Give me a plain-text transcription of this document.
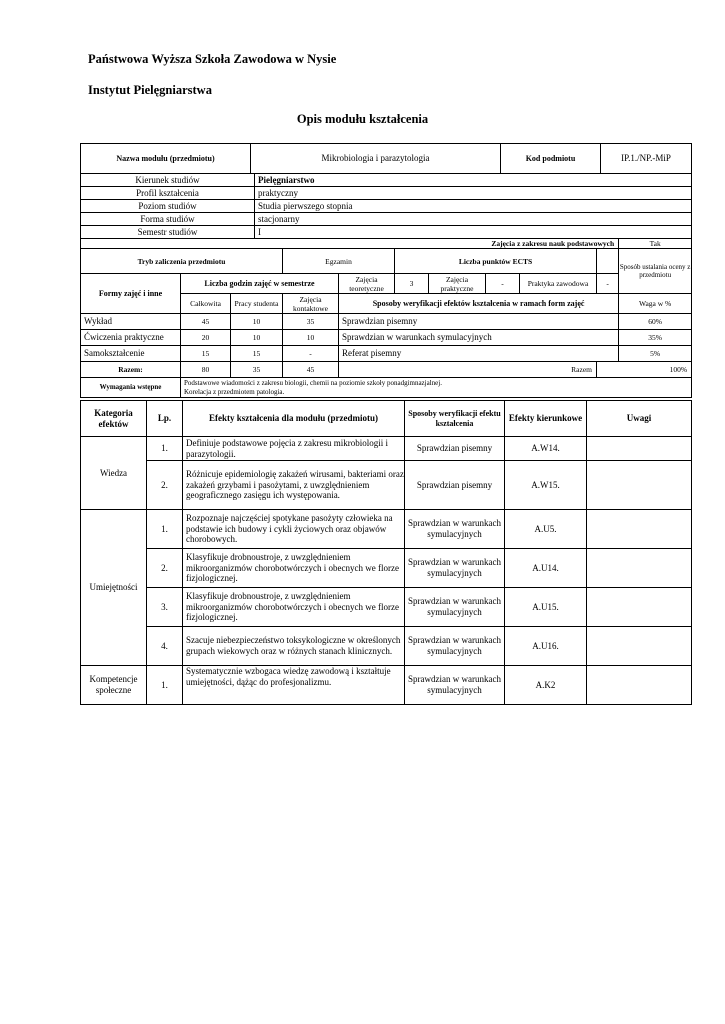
Państwowa Wyższa Szkoła Zawodowa w Nysie
Instytut Pielęgniarstwa
Opis modułu kształcenia
Nazwa modułu (przedmiotu)	Mikrobiologia i parazytologia	Kod podmiotu	IP.1./NP.-MiP
Kierunek studiów	Pielęgniarstwo
Profil kształcenia	praktyczny
Poziom studiów	Studia pierwszego stopnia
Forma studiów	stacjonarny
Semestr studiów	I
Zajęcia z zakresu nauk podstawowych										Tak
Tryb zaliczenia przedmiotu			Egzamin		Liczba punktów ECTS					Sposób ustalania oceny z przedmiotu
Formy zajęć i inne	Liczba godzin zajęć w semestrze			Zajęcia teoretyczne	3	Zajęcia praktyczne	-	Praktyka zawodowa	-	
	Całkowita	Pracy studenta	Zajęcia kontaktowe	Sposoby weryfikacji efektów kształcenia w ramach form zajęć						Waga w %
Wykład	45	10	35	Sprawdzian pisemny						60%
Ćwiczenia praktyczne	20	10	10	Sprawdzian w warunkach symulacyjnych						35%
Samokształcenie	15	15	-	Referat pisemny						5%
Razem:	80	35	45	Razem					100%	
Wymagania wstępne	Podstawowe wiadomości z zakresu biologii, chemii na poziomie szkoły ponadgimnazjalnej.
Korelacja z przedmiotem patologia.									
Kategoria efektów	Lp.	Efekty kształcenia dla modułu (przedmiotu)	Sposoby weryfikacji efektu kształcenia	Efekty kierunkowe	Uwagi
Wiedza	1.	Definiuje podstawowe pojęcia z zakresu mikrobiologii i parazytologii.	Sprawdzian pisemny	A.W14.	
	2.	Różnicuje epidemiologię zakażeń wirusami, bakteriami oraz zakażeń grzybami i pasożytami, z uwzględnieniem geograficznego zasięgu ich występowania.	Sprawdzian pisemny	A.W15.	
Umiejętności	1.	Rozpoznaje najczęściej spotykane pasożyty człowieka na podstawie ich budowy i cykli życiowych oraz objawów chorobowych.	Sprawdzian w warunkach symulacyjnych	A.U5.	
	2.	Klasyfikuje drobnoustroje, z uwzględnieniem mikroorganizmów chorobotwórczych i obecnych we florze fizjologicznej.	Sprawdzian w warunkach symulacyjnych	A.U14.	
	3.	Klasyfikuje drobnoustroje, z uwzględnieniem mikroorganizmów chorobotwórczych i obecnych we florze fizjologicznej.	Sprawdzian w warunkach symulacyjnych	A.U15.	
	4.	Szacuje niebezpieczeństwo toksykologiczne w określonych grupach wiekowych oraz w różnych stanach klinicznych.	Sprawdzian w warunkach symulacyjnych	A.U16.	
Kompetencje społeczne	1.	Systematycznie wzbogaca wiedzę zawodową i kształtuje umiejętności, dążąc do profesjonalizmu.	Sprawdzian w warunkach symulacyjnych	A.K2	
